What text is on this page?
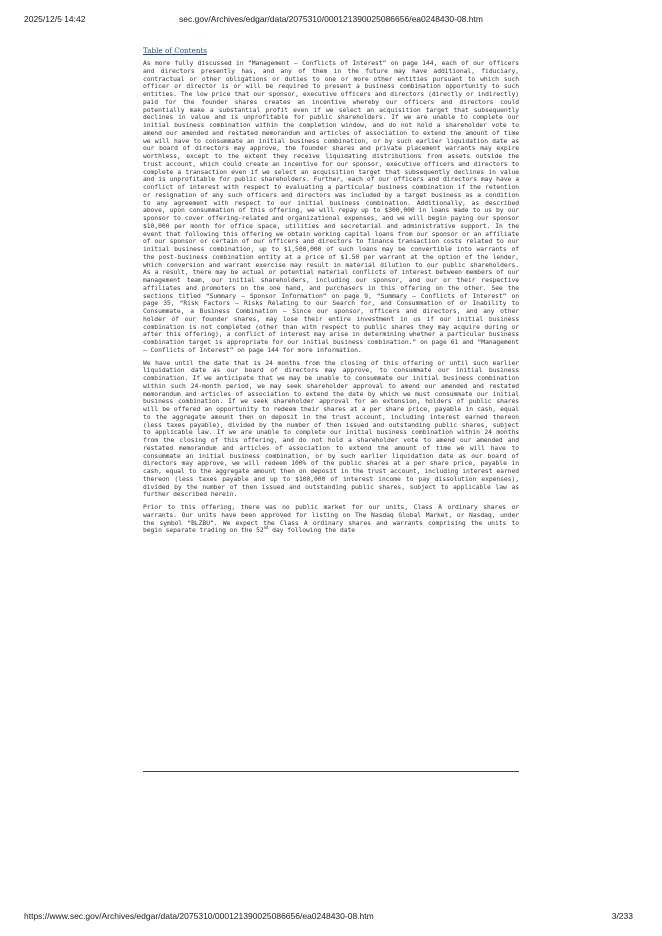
2025/12/5 14:42	sec.gov/Archives/edgar/data/2075310/000121390025086656/ea0248430-08.htm
Table of Contents

As more fully discussed in “Management — Conflicts of Interest” on page 144, each of our officers and directors presently has, and any of them in the future may have additional, fiduciary, contractual or other obligations or duties to one or more other entities pursuant to which such officer or director is or will be required to present a business combination opportunity to such entities. The low price that our sponsor, executive officers and directors (directly or indirectly) paid for the founder shares creates an incentive whereby our officers and directors could potentially make a substantial profit even if we select an acquisition target that subsequently declines in value and is unprofitable for public shareholders. If we are unable to complete our initial business combination within the completion window, and do not hold a shareholder vote to amend our amended and restated memorandum and articles of association to extend the amount of time we will have to consummate an initial business combination, or by such earlier liquidation date as our board of directors may approve, the founder shares and private placement warrants may expire worthless, except to the extent they receive liquidating distributions from assets outside the trust account, which could create an incentive for our sponsor, executive officers and directors to complete a transaction even if we select an acquisition target that subsequently declines in value and is unprofitable for public shareholders. Further, each of our officers and directors may have a conflict of interest with respect to evaluating a particular business combination if the retention or resignation of any such officers and directors was included by a target business as a condition to any agreement with respect to our initial business combination. Additionally, as described above, upon consummation of this offering, we will repay up to $300,000 in loans made to us by our sponsor to cover offering-related and organizational expenses, and we will begin paying our sponsor $10,000 per month for office space, utilities and secretarial and administrative support. In the event that following this offering we obtain working capital loans from our sponsor or an affiliate of our sponsor or certain of our officers and directors to finance transaction costs related to our initial business combination, up to $1,500,000 of such loans may be convertible into warrants of the post-business combination entity at a price of $1.50 per warrant at the option of the lender, which conversion and warrant exercise may result in material dilution to our public shareholders. As a result, there may be actual or potential material conflicts of interest between members of our management team, our initial shareholders, including our sponsor, and our or their respective affiliates and promoters on the one hand, and purchasers in this offering on the other. See the sections titled “Summary — Sponsor Information” on page 9, “Summary — Conflicts of Interest” on page 35, “Risk Factors — Risks Relating to our Search for, and Consummation of or Inability to Consummate, a Business Combination — Since our sponsor, officers and directors, and any other holder of our founder shares, may lose their entire investment in us if our initial business combination is not completed (other than with respect to public shares they may acquire during or after this offering), a conflict of interest may arise in determining whether a particular business combination target is appropriate for our initial business combination.” on page 61 and “Management — Conflicts of Interest” on page 144 for more information.

We have until the date that is 24 months from the closing of this offering or until such earlier liquidation date as our board of directors may approve, to consummate our initial business combination. If we anticipate that we may be unable to consummate our initial business combination within such 24-month period, we may seek shareholder approval to amend our amended and restated memorandum and articles of association to extend the date by which we must consummate our initial business combination. If we seek shareholder approval for an extension, holders of public shares will be offered an opportunity to redeem their shares at a per share price, payable in cash, equal to the aggregate amount then on deposit in the trust account, including interest earned thereon (less taxes payable), divided by the number of then issued and outstanding public shares, subject to applicable law. If we are unable to complete our initial business combination within 24 months from the closing of this offering, and do not hold a shareholder vote to amend our amended and restated memorandum and articles of association to extend the amount of time we will have to consummate an initial business combination, or by such earlier liquidation date as our board of directors may approve, we will redeem 100% of the public shares at a per share price, payable in cash, equal to the aggregate amount then on deposit in the trust account, including interest earned thereon (less taxes payable and up to $100,000 of interest income to pay dissolution expenses), divided by the number of then issued and outstanding public shares, subject to applicable law as further described herein.

Prior to this offering, there was no public market for our units, Class A ordinary shares or warrants. Our units have been approved for listing on The Nasdaq Global Market, or Nasdaq, under the symbol “BLZBU”. We expect the Class A ordinary shares and warrants comprising the units to begin separate trading on the 52nd day following the date

https://www.sec.gov/Archives/edgar/data/2075310/000121390025086656/ea0248430-08.htm	3/233
